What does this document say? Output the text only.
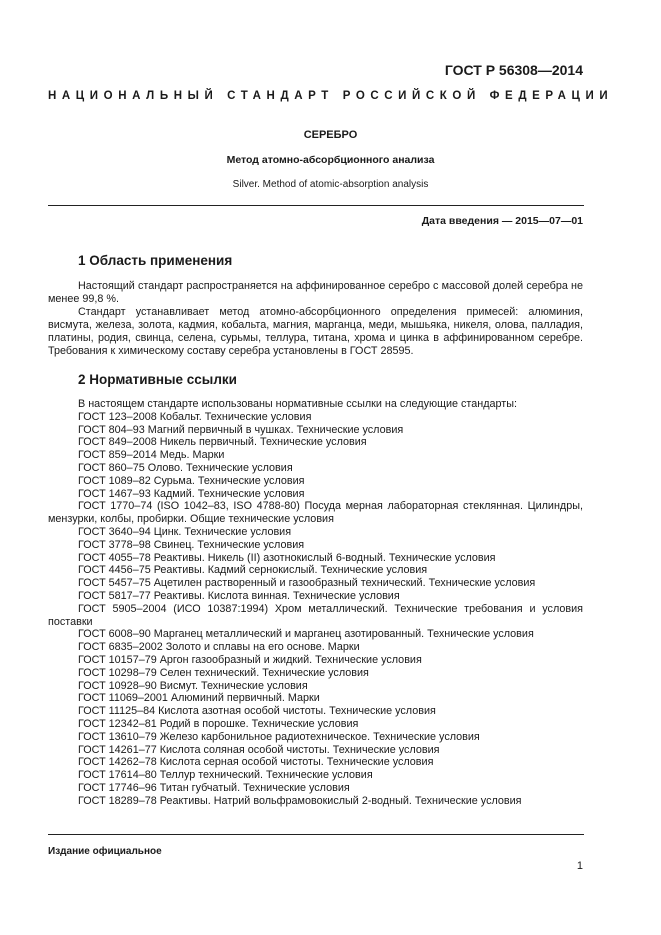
ГОСТ Р 56308—2014
НАЦИОНАЛЬНЫЙ СТАНДАРТ РОССИЙСКОЙ ФЕДЕРАЦИИ
СЕРЕБРО
Метод атомно-абсорбционного анализа
Silver. Method of atomic-absorption analysis
Дата введения — 2015—07—01
1 Область применения

Настоящий стандарт распространяется на аффинированное серебро с массовой долей серебра не менее 99,8 %.

Стандарт устанавливает метод атомно-абсорбционного определения примесей: алюминия, висмута, железа, золота, кадмия, кобальта, магния, марганца, меди, мышьяка, никеля, олова, палладия, платины, родия, свинца, селена, сурьмы, теллура, титана, хрома и цинка в аффинированном серебре. Требования к химическому составу серебра установлены в ГОСТ 28595.

2 Нормативные ссылки

В настоящем стандарте использованы нормативные ссылки на следующие стандарты:

ГОСТ 123–2008 Кобальт. Технические условия

ГОСТ 804–93 Магний первичный в чушках. Технические условия

ГОСТ 849–2008 Никель первичный. Технические условия

ГОСТ 859–2014 Медь. Марки

ГОСТ 860–75 Олово. Технические условия

ГОСТ 1089–82 Сурьма. Технические условия

ГОСТ 1467–93 Кадмий. Технические условия

ГОСТ 1770–74 (ISO 1042–83, ISO 4788-80) Посуда мерная лабораторная стеклянная. Цилиндры, мензурки, колбы, пробирки. Общие технические условия

ГОСТ 3640–94 Цинк. Технические условия

ГОСТ 3778–98 Свинец. Технические условия

ГОСТ 4055–78 Реактивы. Никель (II) азотнокислый 6-водный. Технические условия

ГОСТ 4456–75 Реактивы. Кадмий сернокислый. Технические условия

ГОСТ 5457–75 Ацетилен растворенный и газообразный технический. Технические условия

ГОСТ 5817–77 Реактивы. Кислота винная. Технические условия

ГОСТ 5905–2004 (ИСО 10387:1994) Хром металлический. Технические требования и условия поставки

ГОСТ 6008–90 Марганец металлический и марганец азотированный. Технические условия

ГОСТ 6835–2002 Золото и сплавы на его основе. Марки

ГОСТ 10157–79 Аргон газообразный и жидкий. Технические условия

ГОСТ 10298–79 Селен технический. Технические условия

ГОСТ 10928–90 Висмут. Технические условия

ГОСТ 11069–2001 Алюминий первичный. Марки

ГОСТ 11125–84 Кислота азотная особой чистоты. Технические условия

ГОСТ 12342–81 Родий в порошке. Технические условия

ГОСТ 13610–79 Железо карбонильное радиотехническое. Технические условия

ГОСТ 14261–77 Кислота соляная особой чистоты. Технические условия

ГОСТ 14262–78 Кислота серная особой чистоты. Технические условия

ГОСТ 17614–80 Теллур технический. Технические условия

ГОСТ 17746–96 Титан губчатый. Технические условия

ГОСТ 18289–78 Реактивы. Натрий вольфрамовокислый 2-водный. Технические условия

Издание официальное
1
